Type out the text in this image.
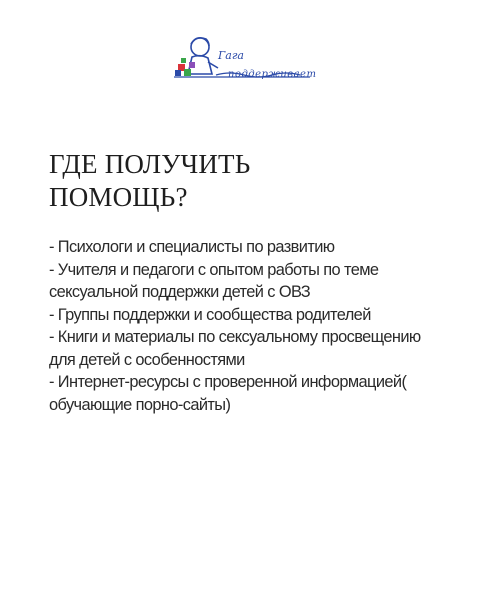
Гага
поддерживает
ГДЕ ПОЛУЧИТЬ
ПОМОЩЬ?
- Психологи и специалисты по развитию
- Учителя и педагоги с опытом работы по теме сексуальной поддержки детей с ОВЗ
- Группы поддержки и сообщества родителей
- Книги и материалы по сексуальному просвещению для детей с особенностями
- Интернет-ресурсы с проверенной информацией( обучающие порно-сайты)
